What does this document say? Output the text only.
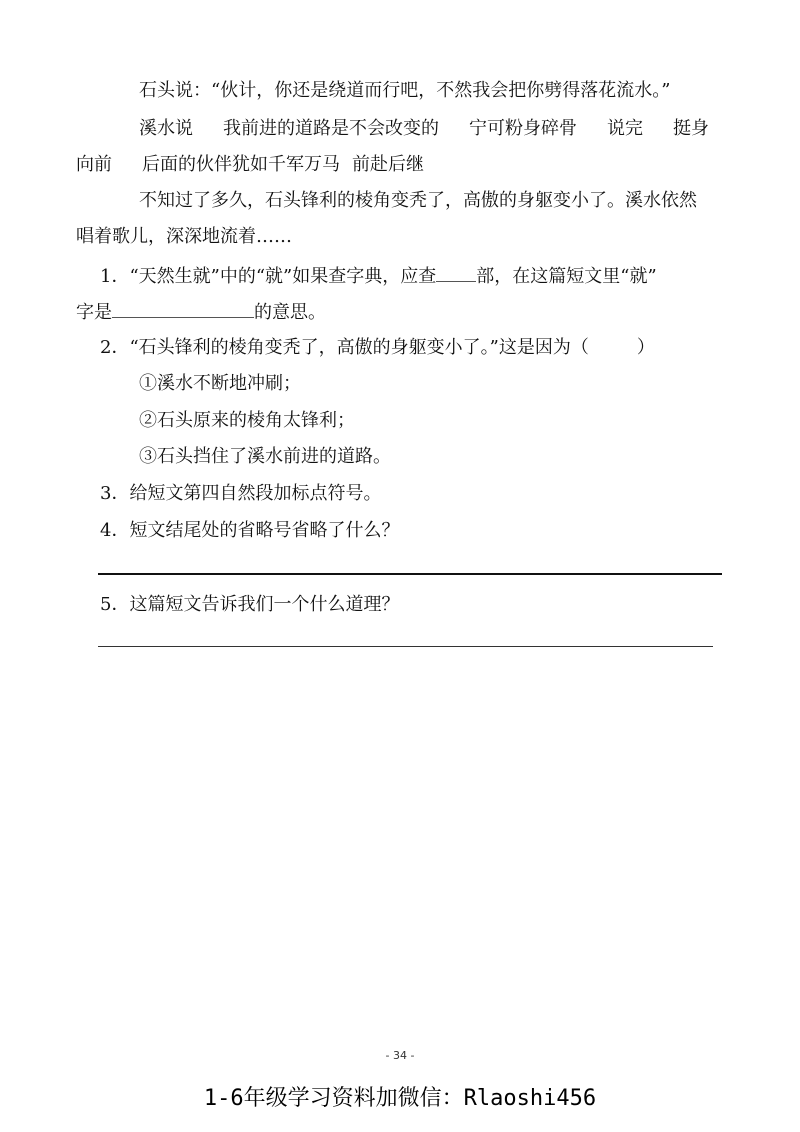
石头说：“伙计，你还是绕道而行吧，不然我会把你劈得落花流水。”
溪水说 我前进的道路是不会改变的 宁可粉身碎骨 说完 挺身
向前 后面的伙伴犹如千军万马 前赴后继
不知过了多久，石头锋利的棱角变秃了，高傲的身躯变小了。溪水依然
唱着歌儿，深深地流着……
1．“天然生就”中的“就”如果查字典，应查 部，在这篇短文里“就”
字是	的意思。
2．“石头锋利的棱角变秃了，高傲的身躯变小了。”这是因为（	）
①溪水不断地冲刷；
②石头原来的棱角太锋利；
③石头挡住了溪水前进的道路。
3．给短文第四自然段加标点符号。
4．短文结尾处的省略号省略了什么？
5．这篇短文告诉我们一个什么道理？
- 34 -
1-6年级学习资料加微信：Rlaoshi456
